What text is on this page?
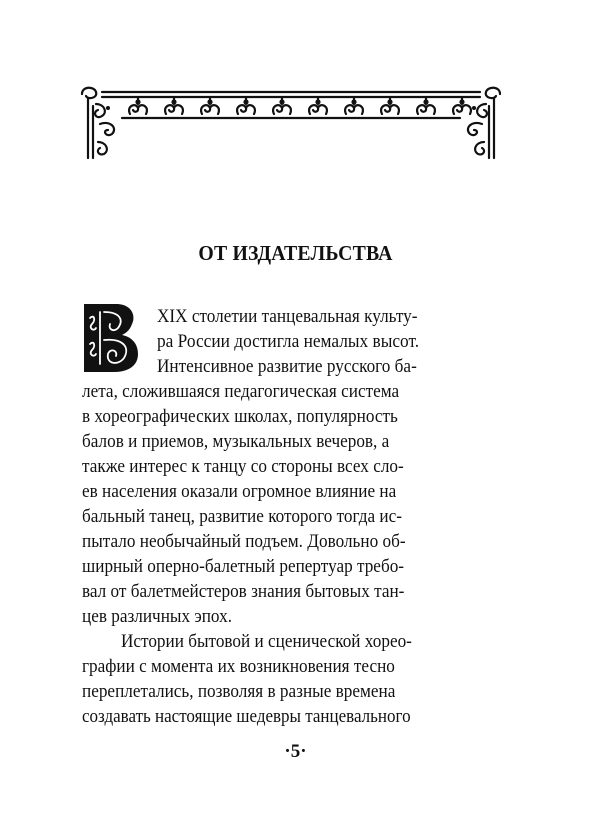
ОТ ИЗДАТЕЛЬСТВА
XIX столетии танцевальная культу-
ра России достигла немалых высот.
Интенсивное развитие русского ба-
лета, сложившаяся педагогическая система
в хореографических школах, популярность
балов и приемов, музыкальных вечеров, а
также интерес к танцу со стороны всех сло-
ев населения оказали огромное влияние на
бальный танец, развитие которого тогда ис-
пытало необычайный подъем. Довольно об-
ширный оперно-балетный репертуар требо-
вал от балетмейстеров знания бытовых тан-
цев различных эпох.
Истории бытовой и сценической хорео-
графии с момента их возникновения тесно
переплетались, позволяя в разные времена
создавать настоящие шедевры танцевального
·5·
